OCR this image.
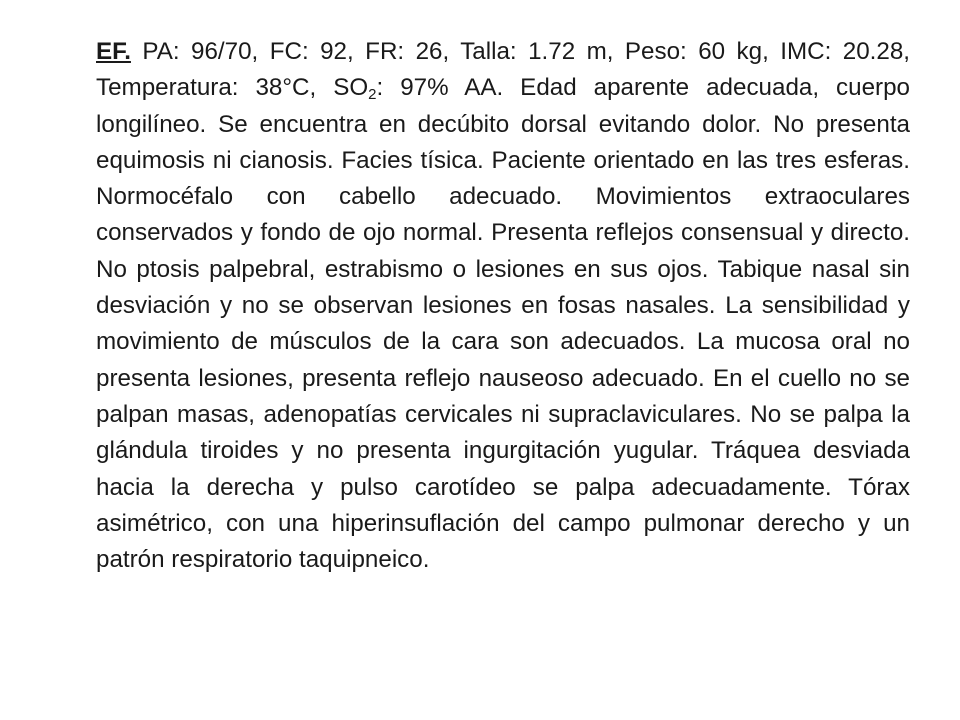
EF. PA: 96/70, FC: 92, FR: 26, Talla: 1.72 m, Peso: 60 kg, IMC: 20.28, Temperatura: 38°C, $SO_2$: 97% AA. Edad aparente adecuada, cuerpo longilíneo. Se encuentra en decúbito dorsal evitando dolor. No presenta equimosis ni cianosis. Facies tísica. Paciente orientado en las tres esferas. Normocéfalo con cabello adecuado. Movimientos extraoculares conservados y fondo de ojo normal. Presenta reflejos consensual y directo. No ptosis palpebral, estrabismo o lesiones en sus ojos. Tabique nasal sin desviación y no se observan lesiones en fosas nasales. La sensibilidad y movimiento de músculos de la cara son adecuados. La mucosa oral no presenta lesiones, presenta reflejo nauseoso adecuado. En el cuello no se palpan masas, adenopatías cervicales ni supraclaviculares. No se palpa la glándula tiroides y no presenta ingurgitación yugular. Tráquea desviada hacia la derecha y pulso carotídeo se palpa adecuadamente. Tórax asimétrico, con una hiperinsuflación del campo pulmonar derecho y un patrón respiratorio taquipneico.
